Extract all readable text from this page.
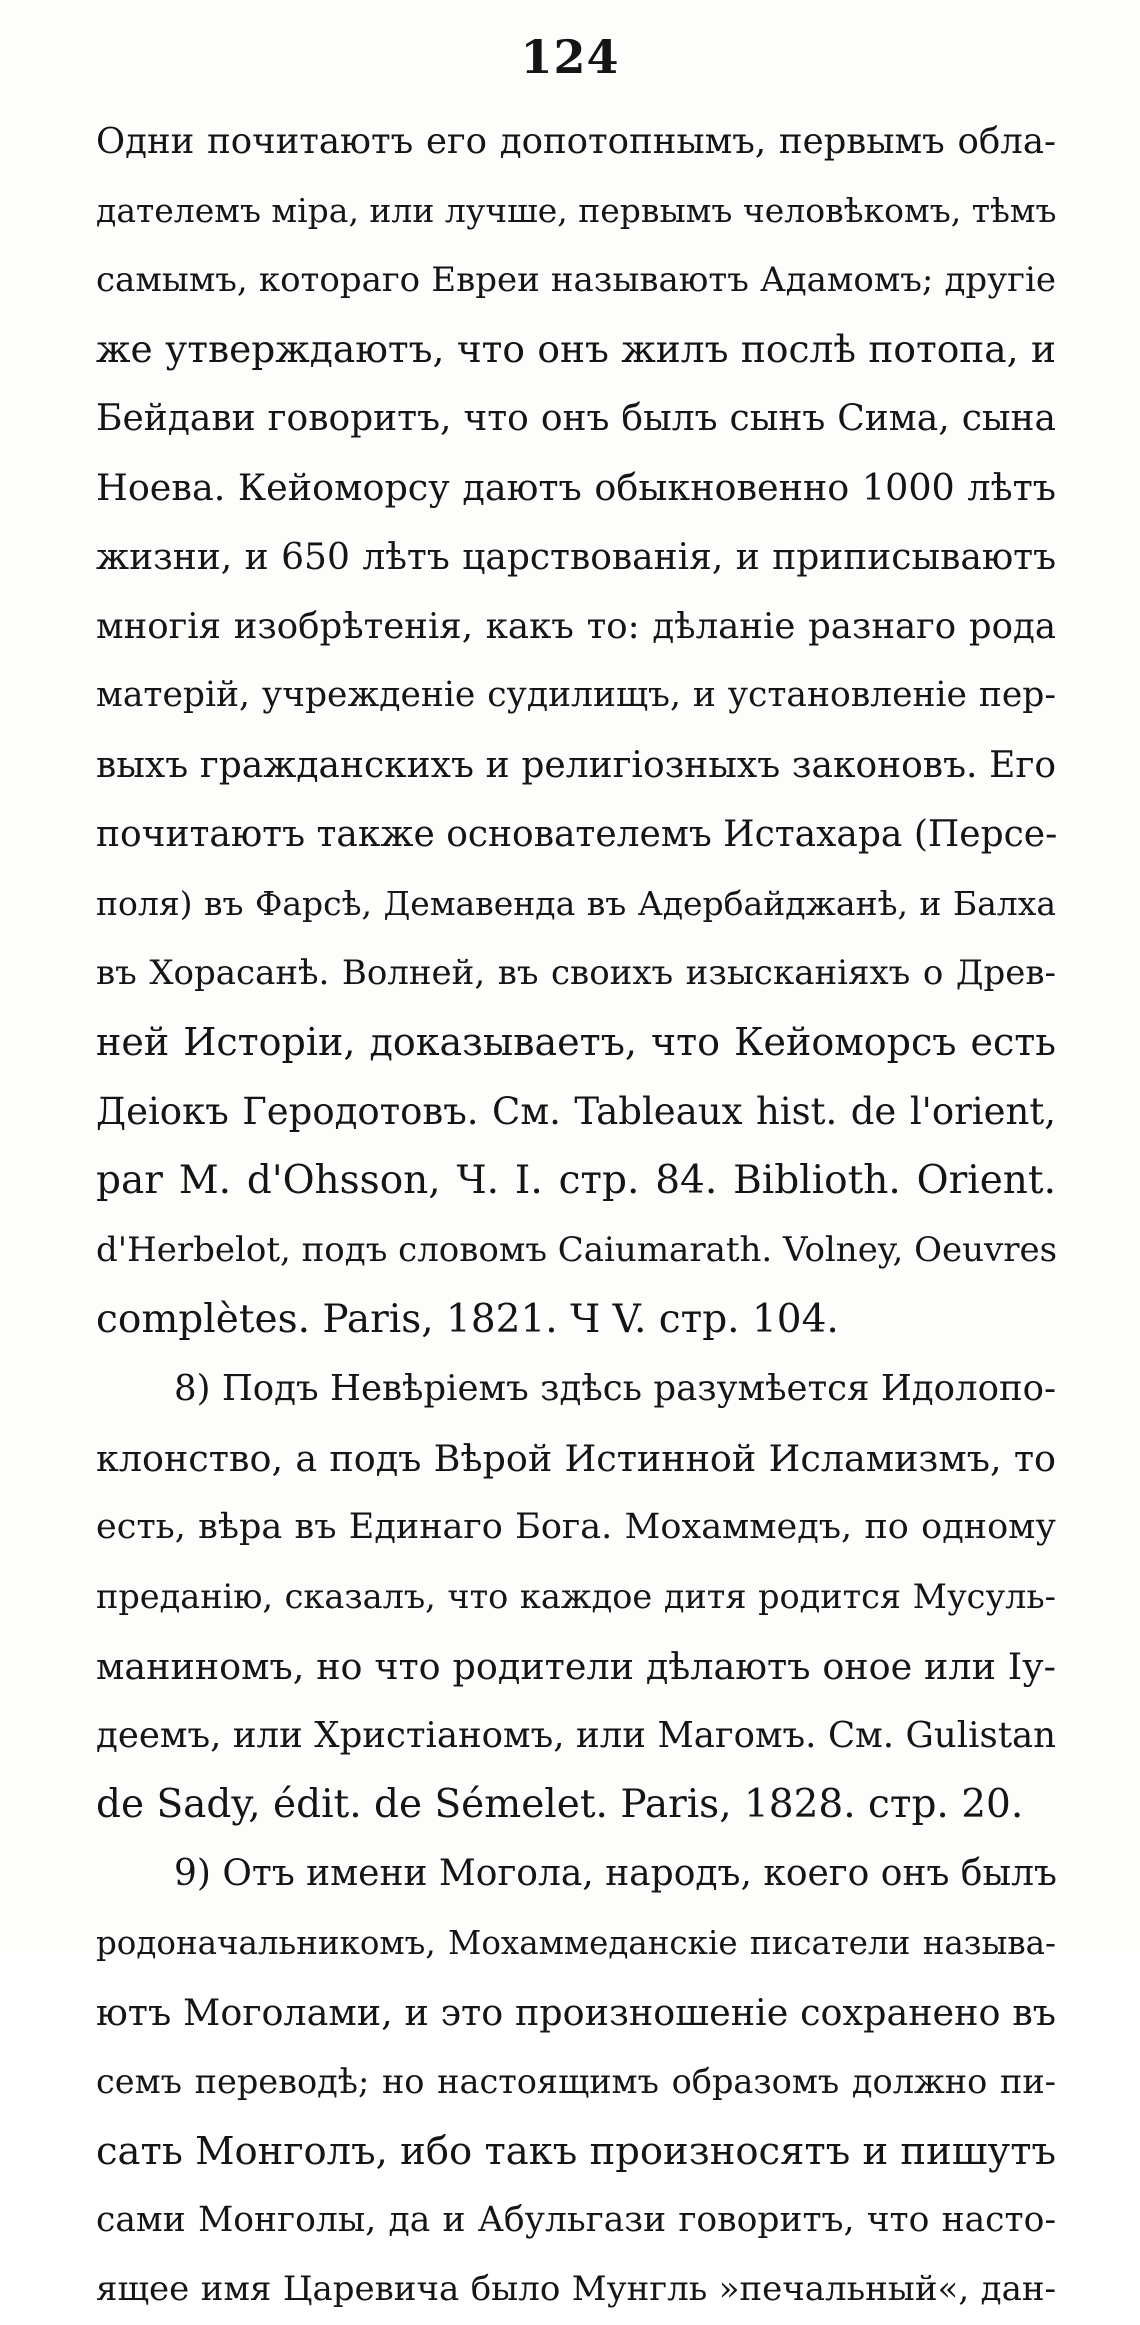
124
Одни почитаютъ его допотопнымъ, первымъ обла-
дателемъ міра, или лучше, первымъ человѣкомъ, тѣмъ
самымъ, котораго Евреи называютъ Адамомъ; другіе
же утверждаютъ, что онъ жилъ послѣ потопа, и
Бейдави говоритъ, что онъ былъ сынъ Сима, сына
Ноева. Кейоморсу даютъ обыкновенно 1000 лѣтъ
жизни, и 650 лѣтъ царствованія, и приписываютъ
многія изобрѣтенія, какъ то: дѣланіе разнаго рода
матерій, учрежденіе судилищъ, и установленіе пер-
выхъ гражданскихъ и религіозныхъ законовъ. Его
почитаютъ также основателемъ Истахара (Персе-
поля) въ Фарсѣ, Демавенда въ Адербайджанѣ, и Балха
въ Хорасанѣ. Волней, въ своихъ изысканіяхъ о Древ-
ней Исторіи, доказываетъ, что Кейоморсъ есть
Деіокъ Геродотовъ. См. Tableaux hist. de l'orient,
par M. d'Ohsson, Ч. I. стр. 84. Biblioth. Orient.
d'Herbelot, подъ словомъ Caiumarath. Volney, Oeuvres
complètes. Paris, 1821. Ч V. стр. 104.
8) Подъ Невѣріемъ здѣсь разумѣется Идолопо-
клонство, а подъ Вѣрой Истинной Исламизмъ, то
есть, вѣра въ Единаго Бога. Мохаммедъ, по одному
преданію, сказалъ, что каждое дитя родится Мусуль-
маниномъ, но что родители дѣлаютъ оное или Іу-
деемъ, или Христіаномъ, или Магомъ. См. Gulistan
de Sady, édit. de Sémelet. Paris, 1828. стр. 20.
9) Отъ имени Могола, народъ, коего онъ былъ
родоначальникомъ, Мохаммеданскіе писатели называ-
ютъ Моголами, и это произношеніе сохранено въ
семъ переводѣ; но настоящимъ образомъ должно пи-
сать Монголъ, ибо такъ произносятъ и пишутъ
сами Монголы, да и Абульгази говоритъ, что насто-
ящее имя Царевича было Мунгль »печальный«, дан-
